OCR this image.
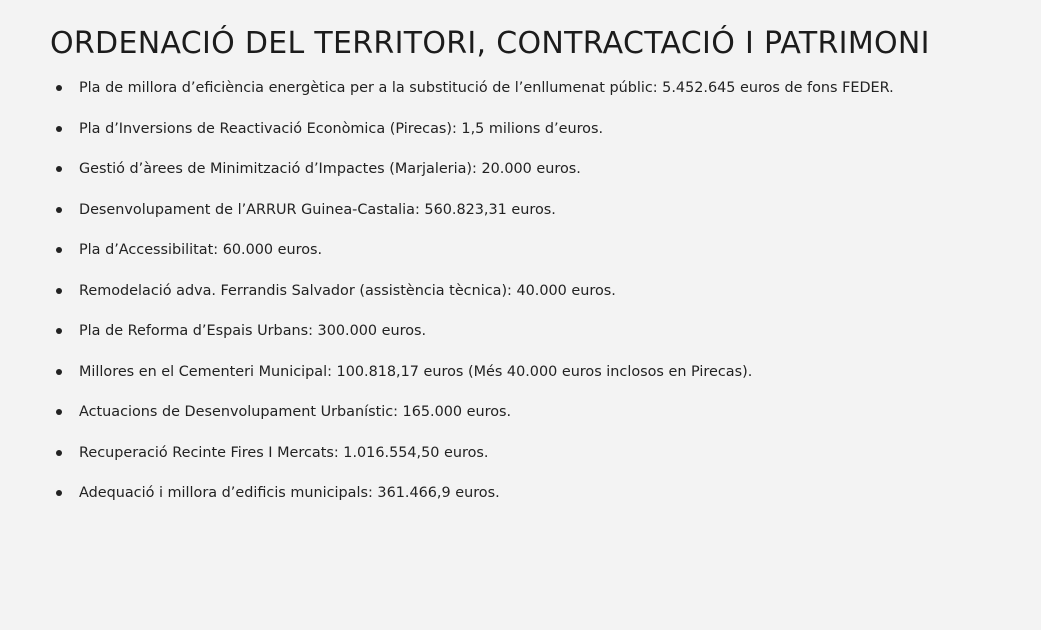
ORDENACIÓ DEL TERRITORI, CONTRACTACIÓ I PATRIMONI
Pla de millora d’eficiència energètica per a la substitució de l’enllumenat públic: 5.452.645 euros de fons FEDER.
Pla d’Inversions de Reactivació Econòmica (Pirecas): 1,5 milions d’euros.
Gestió d’àrees de Minimització d’Impactes (Marjaleria): 20.000 euros.
Desenvolupament de l’ARRUR Guinea-Castalia: 560.823,31 euros.
Pla d’Accessibilitat: 60.000 euros.
Remodelació adva. Ferrandis Salvador (assistència tècnica): 40.000 euros.
Pla de Reforma d’Espais Urbans: 300.000 euros.
Millores en el Cementeri Municipal: 100.818,17 euros (Més 40.000 euros inclosos en Pirecas).
Actuacions de Desenvolupament Urbanístic: 165.000 euros.
Recuperació Recinte Fires I Mercats: 1.016.554,50 euros.
Adequació i millora d’edificis municipals: 361.466,9 euros.
